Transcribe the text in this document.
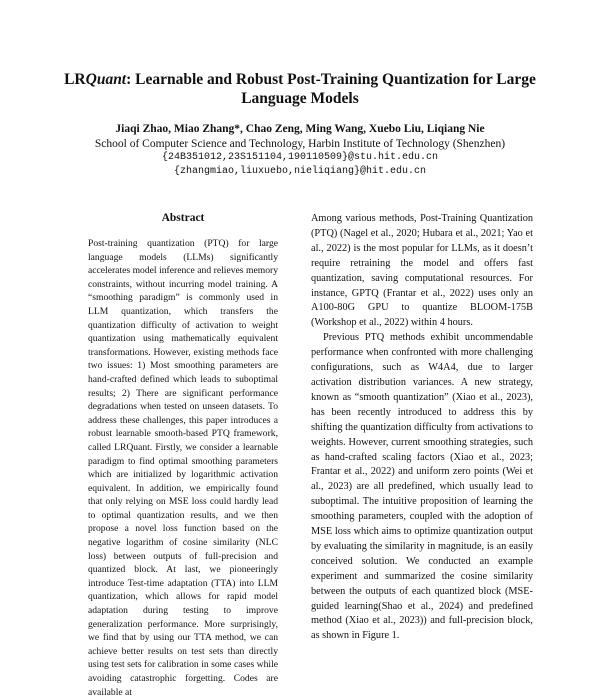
LRQuant: Learnable and Robust Post-Training Quantization for Large Language Models
Jiaqi Zhao, Miao Zhang*, Chao Zeng, Ming Wang, Xuebo Liu, Liqiang Nie
School of Computer Science and Technology, Harbin Institute of Technology (Shenzhen)
{24B351012,23S151104,190110509}@stu.hit.edu.cn
{zhangmiao,liuxuebo,nieliqiang}@hit.edu.cn
Abstract

Post-training quantization (PTQ) for large language models (LLMs) significantly accelerates model inference and relieves memory constraints, without incurring model training. A “smoothing paradigm” is commonly used in LLM quantization, which transfers the quantization difficulty of activation to weight quantization using mathematically equivalent transformations. However, existing methods face two issues: 1) Most smoothing parameters are hand-crafted defined which leads to suboptimal results; 2) There are significant performance degradations when tested on unseen datasets. To address these challenges, this paper introduces a robust learnable smooth-based PTQ framework, called LRQuant. Firstly, we consider a learnable paradigm to find optimal smoothing parameters which are initialized by logarithmic activation equivalent. In addition, we empirically found that only relying on MSE loss could hardly lead to optimal quantization results, and we then propose a novel loss function based on the negative logarithm of cosine similarity (NLC loss) between outputs of full-precision and quantized block. At last, we pioneeringly introduce Test-time adaptation (TTA) into LLM quantization, which allows for rapid model adaptation during testing to improve generalization performance. More surprisingly, we find that by using our TTA method, we can achieve better results on test sets than directly using test sets for calibration in some cases while avoiding catastrophic forgetting. Codes are available at

Among various methods, Post-Training Quantization (PTQ) (Nagel et al., 2020; Hubara et al., 2021; Yao et al., 2022) is the most popular for LLMs, as it doesn’t require retraining the model and offers fast quantization, saving computational resources. For instance, GPTQ (Frantar et al., 2022) uses only an A100-80G GPU to quantize BLOOM-175B (Workshop et al., 2022) within 4 hours.

Previous PTQ methods exhibit uncommendable performance when confronted with more challenging configurations, such as W4A4, due to larger activation distribution variances. A new strategy, known as “smooth quantization” (Xiao et al., 2023), has been recently introduced to address this by shifting the quantization difficulty from activations to weights. However, current smoothing strategies, such as hand-crafted scaling factors (Xiao et al., 2023; Frantar et al., 2022) and uniform zero points (Wei et al., 2023) are all predefined, which usually lead to suboptimal. The intuitive proposition of learning the smoothing parameters, coupled with the adoption of MSE loss which aims to optimize quantization output by evaluating the similarity in magnitude, is an easily conceived solution. We conducted an example experiment and summarized the cosine similarity between the outputs of each quantized block (MSE-guided learning(Shao et al., 2024) and predefined method (Xiao et al., 2023)) and full-precision block, as shown in Figure 1.
